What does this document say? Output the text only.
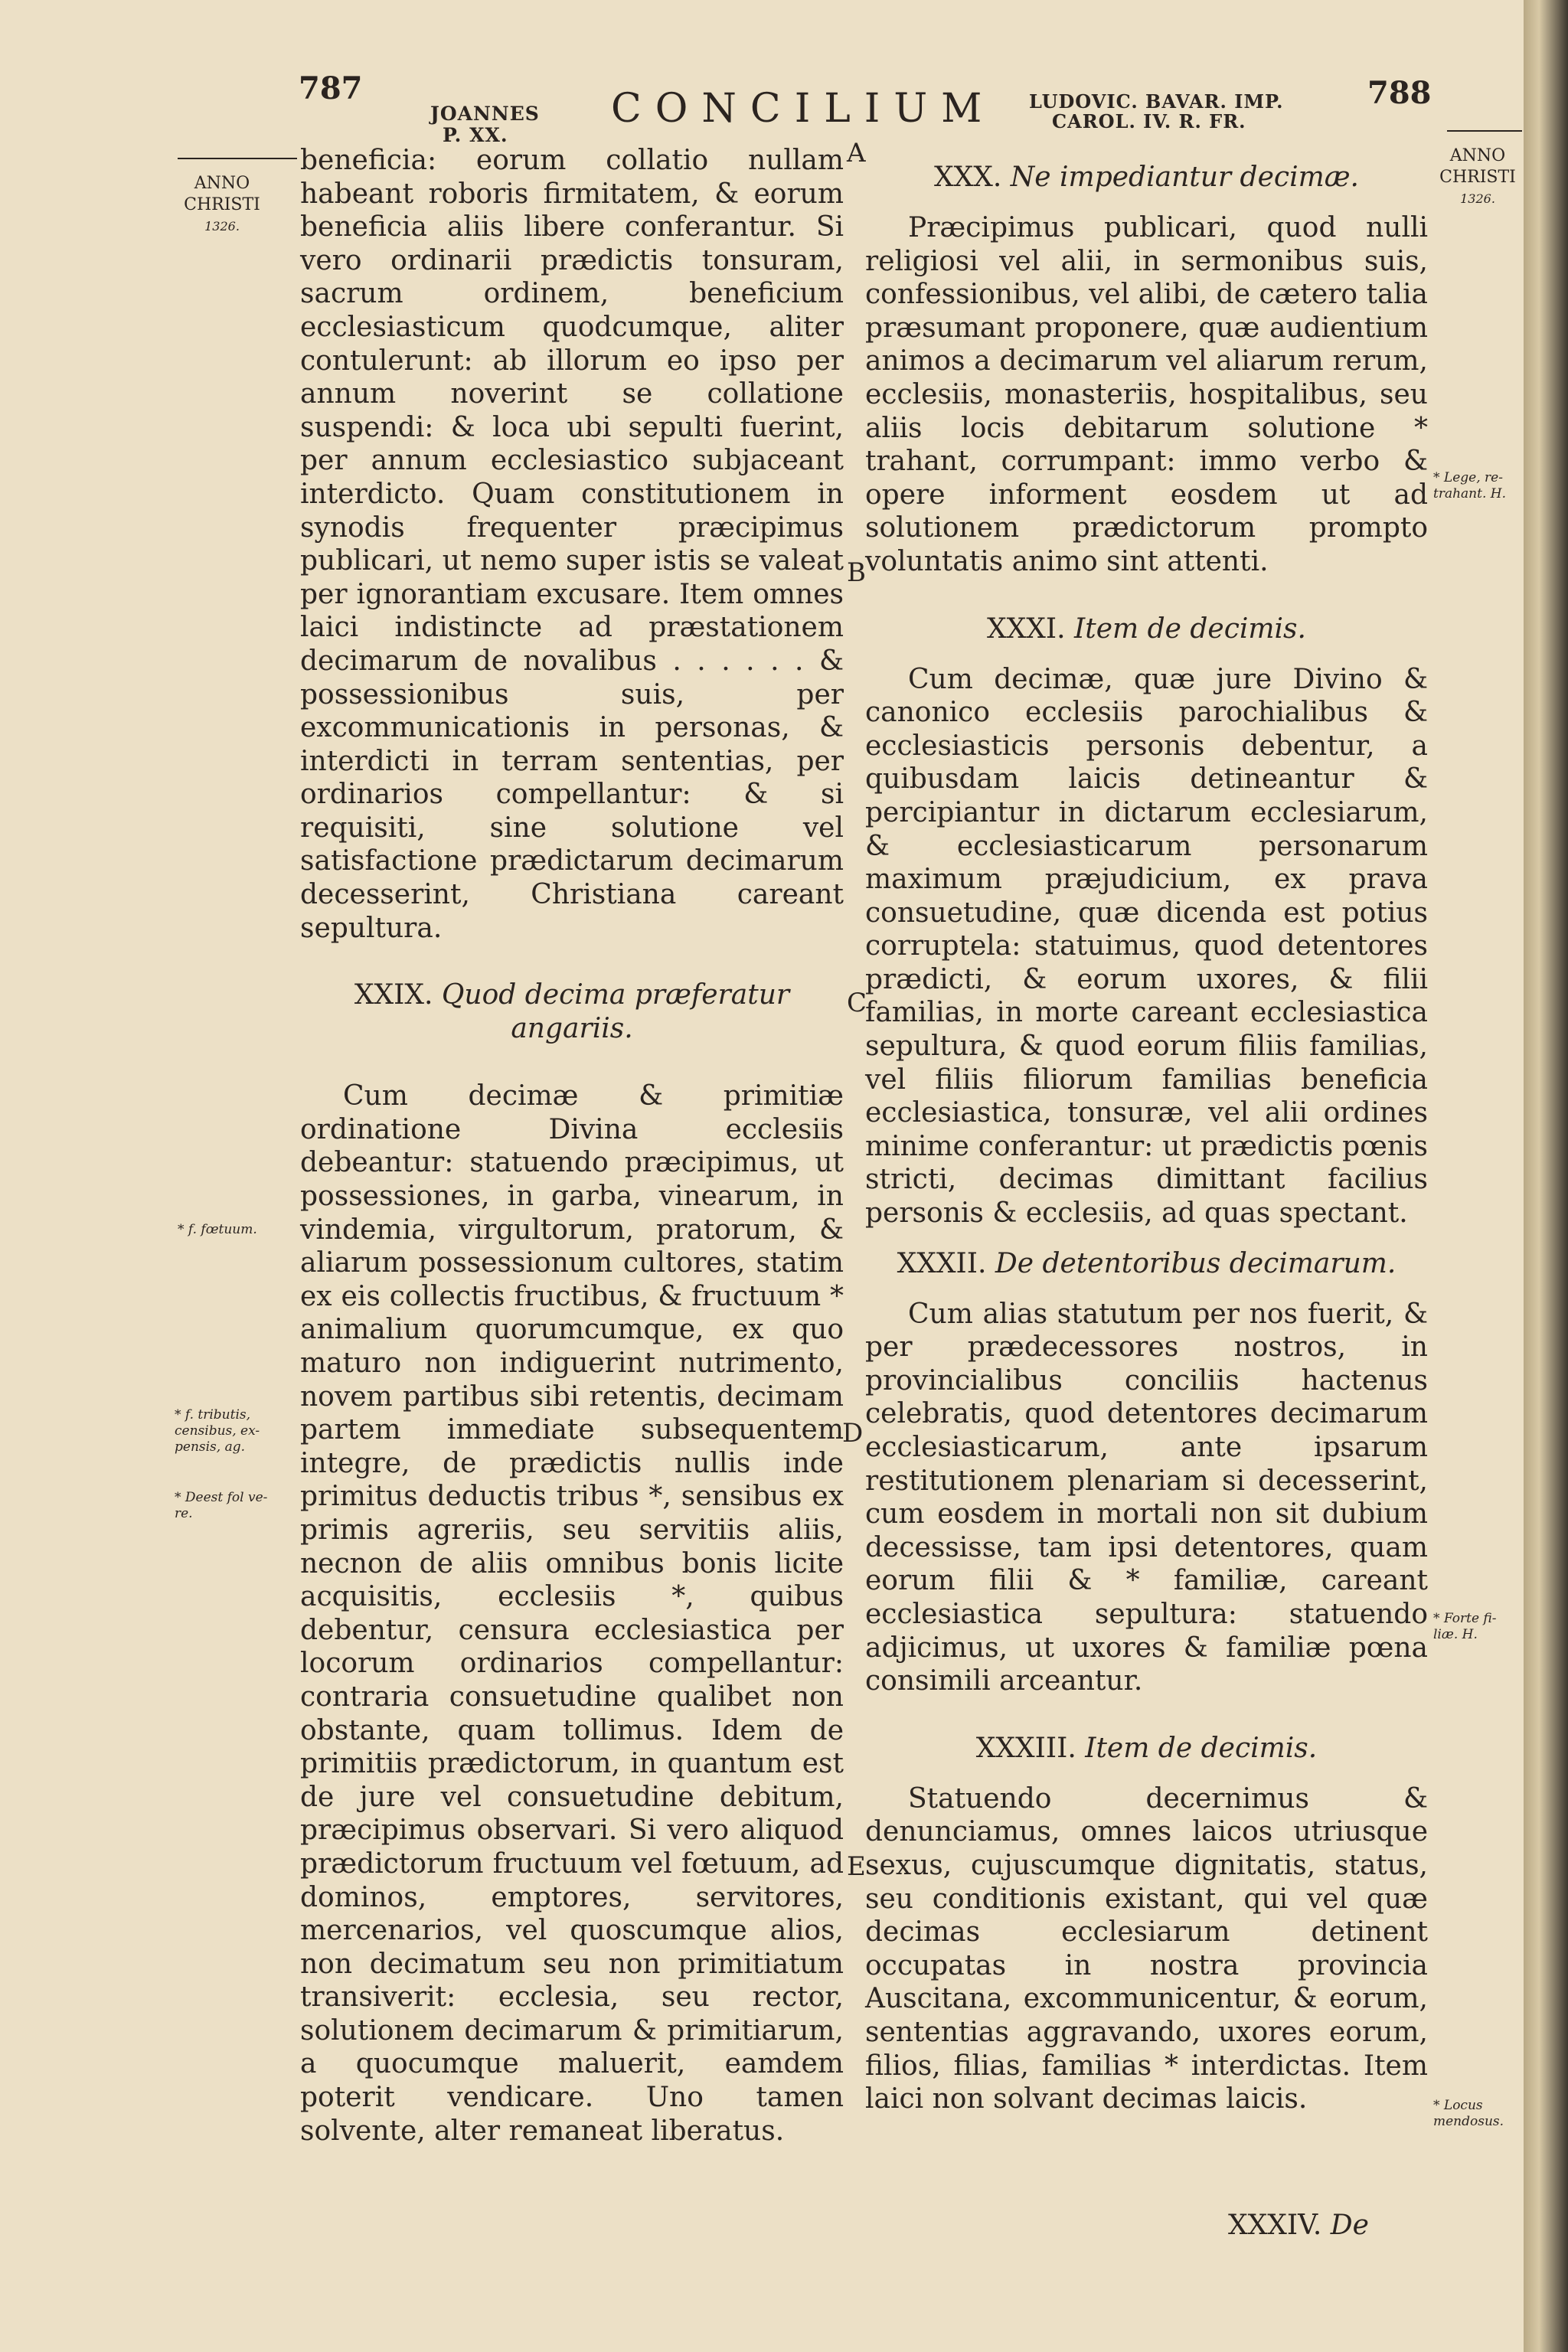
787
JOANNES
P. XX.
CONCILIUM LUDOVIC. BAVAR. IMP.
CAROL. IV. R. FR.
788
ANNO
CHRISTI
1326.
ANNO
CHRISTI
1326.

beneficia: eorum collatio nullam habeant roboris firmitatem, & eorum beneficia aliis libere conferantur. Si vero ordinarii prædictis tonsuram, sacrum ordinem, beneficium ecclesiasticum quodcumque, aliter contulerunt: ab illorum eo ipso per annum noverint se collatione suspendi: & loca ubi sepulti fuerint, per annum ecclesiastico subjaceant interdicto. Quam constitutionem in synodis frequenter præcipimus publicari, ut nemo super istis se valeat per ignorantiam excusare. Item omnes laici indistincte ad præstationem decimarum de novalibus . . . . . . & possessionibus suis, per excommunicationis in personas, & interdicti in terram sententias, per ordinarios compellantur: & si requisiti, sine solutione vel satisfactione prædictarum decimarum decesserint, Christiana careant sepultura.

XXIX. Quod decima præferatur angariis.

Cum decimæ & primitiæ ordinatione Divina ecclesiis debeantur: statuendo præcipimus, ut possessiones, in garba, vinearum, in vindemia, virgultorum, pratorum, & aliarum possessionum cultores, statim ex eis collectis fructibus, & fructuum * animalium quorumcumque, ex quo maturo non indiguerint nutrimento, novem partibus sibi retentis, decimam partem immediate subsequentem integre, de prædictis nullis inde primitus deductis tribus *, sensibus ex primis agreriis, seu servitiis aliis, necnon de aliis omnibus bonis licite acquisitis, ecclesiis *, quibus debentur, censura ecclesiastica per locorum ordinarios compellantur: contraria consuetudine qualibet non obstante, quam tollimus. Idem de primitiis prædictorum, in quantum est de jure vel consuetudine debitum, præcipimus observari. Si vero aliquod prædictorum fructuum vel fœtuum, ad dominos, emptores, servitores, mercenarios, vel quoscumque alios, non decimatum seu non primitiatum transiverit: ecclesia, seu rector, solutionem decimarum & primitiarum, a quocumque maluerit, eamdem poterit vendicare. Uno tamen solvente, alter remaneat liberatus.

XXX. Ne impediantur decimæ.

Præcipimus publicari, quod nulli religiosi vel alii, in sermonibus suis, confessionibus, vel alibi, de cætero talia præsumant proponere, quæ audientium animos a decimarum vel aliarum rerum, ecclesiis, monasteriis, hospitalibus, seu aliis locis debitarum solutione * trahant, corrumpant: immo verbo & opere informent eosdem ut ad solutionem prædictorum prompto voluntatis animo sint attenti.

XXXI. Item de decimis.

Cum decimæ, quæ jure Divino & canonico ecclesiis parochialibus & ecclesiasticis personis debentur, a quibusdam laicis detineantur & percipiantur in dictarum ecclesiarum, & ecclesiasticarum personarum maximum præjudicium, ex prava consuetudine, quæ dicenda est potius corruptela: statuimus, quod detentores prædicti, & eorum uxores, & filii familias, in morte careant ecclesiastica sepultura, & quod eorum filiis familias, vel filiis filiorum familias beneficia ecclesiastica, tonsuræ, vel alii ordines minime conferantur: ut prædictis pœnis stricti, decimas dimittant facilius personis & ecclesiis, ad quas spectant.

XXXII. De detentoribus decimarum.

Cum alias statutum per nos fuerit, & per prædecessores nostros, in provincialibus conciliis hactenus celebratis, quod detentores decimarum ecclesiasticarum, ante ipsarum restitutionem plenariam si decesserint, cum eosdem in mortali non sit dubium decessisse, tam ipsi detentores, quam eorum filii & * familiæ, careant ecclesiastica sepultura: statuendo adjicimus, ut uxores & familiæ pœna consimili arceantur.

XXXIII. Item de decimis.

Statuendo decernimus & denunciamus, omnes laicos utriusque sexus, cujuscumque dignitatis, status, seu conditionis existant, qui vel quæ decimas ecclesiarum detinent occupatas in nostra provincia Auscitana, excommunicentur, & eorum, sententias aggravando, uxores eorum, filios, filias, familias * interdictas. Item laici non solvant decimas laicis.

XXXIV. De
A
B
C
D
E
* f. fœtuum.
* f. tributis,
censibus, ex-
pensis, ag.
* Deest fol ve-
re.
* Lege, re-
trahant. H.
* Forte fi-
liæ. H.
* Locus
mendosus.
